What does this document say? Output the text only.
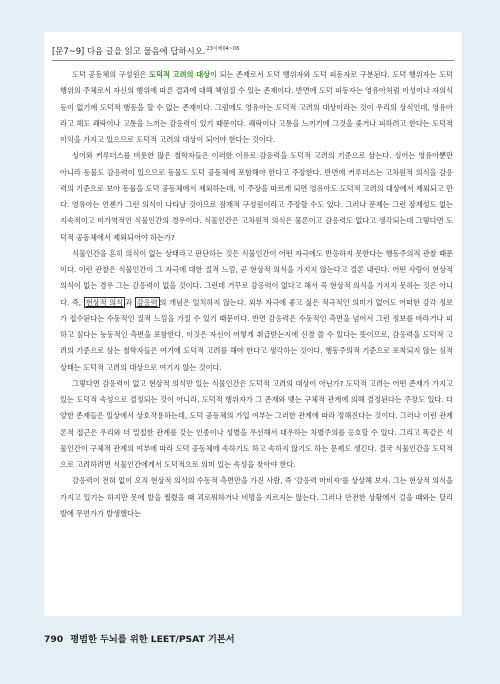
[문7~9] 다음 글을 읽고 물음에 답하시오.$^{23이해04\sim 06}$

도덕 공동체의 구성원은 도덕적 고려의 대상이 되는 존재로서 도덕 행위자와 도덕 피동자로 구분된다. 도덕 행위자는 도덕 행위의 주체로서 자신의 행위에 따른 결과에 대해 책임질 수 있는 존재이다. 반면에 도덕 피동자는 영유아처럼 이성이나 자의식 등이 없기에 도덕적 행동을 할 수 없는 존재이다. 그럼에도 영유아는 도덕적 고려의 대상이라는 것이 우리의 상식인데, 영유아라고 해도 쾌락이나 고통을 느끼는 감응력이 있기 때문이다. 쾌락이나 고통을 느끼기에 그것을 좇거나 피하려고 한다는 도덕적 이익을 가지고 있으므로 도덕적 고려의 대상이 되어야 한다는 것이다.

싱어와 커루더스를 비롯한 많은 철학자들은 이러한 이유로 감응력을 도덕적 고려의 기준으로 삼는다. 싱어는 영유아뿐만 아니라 동물도 감응력이 있으므로 동물도 도덕 공동체에 포함해야 한다고 주장한다. 반면에 커루더스는 고차원적 의식을 감응력의 기준으로 보아 동물을 도덕 공동체에서 제외하는데, 이 주장을 따르게 되면 영유아도 도덕적 고려의 대상에서 제외되고 만다. 영유아는 언젠가 그런 의식이 나타날 것이므로 잠재적 구성원이라고 주장할 수도 있다. 그러나 문제는 그런 잠재성도 없는 지속적이고 비가역적인 식물인간의 경우이다. 식물인간은 고차원적 의식은 물론이고 감응력도 없다고 생각되는데 그렇다면 도덕적 공동체에서 제외되어야 하는가?

식물인간을 흔히 의식이 없는 상태라고 판단하는 것은 식물인간이 어떤 자극에도 반응하지 못한다는 행동주의적 관찰 때문이다. 이런 관찰은 식물인간이 그 자극에 대한 질적 느낌, 곧 현상적 의식을 가지지 않는다고 결론 내린다. 어떤 사람이 현상적 의식이 없는 경우 그는 감응력이 없을 것이다. 그런데 거꾸로 감응력이 없다고 해서 꼭 현상적 의식을 가지지 못하는 것은 아니다. 즉, 현상적 의식 과 감응력 의 개념은 일치하지 않는다. 외부 자극에 좋고 싫은 적극적인 의미가 없어도 어떠한 감각 정보가 접수된다는 수동적인 질적 느낌을 가질 수 있기 때문이다. 반면 감응력은 수동적인 측면을 넘어서 그런 정보를 바라거나 피하고 싶다는 능동적인 측면을 포함한다. 이것은 자신이 어떻게 취급받는지에 신경 쓸 수 있다는 뜻이므로, 감응력을 도덕적 고려의 기준으로 삼는 철학자들은 여기에 도덕적 고려를 해야 한다고 생각하는 것이다. 행동주의적 기준으로 포착되지 않는 심적 상태는 도덕적 고려의 대상으로 여기지 않는 것이다.

그렇다면 감응력이 없고 현상적 의식만 있는 식물인간은 도덕적 고려의 대상이 아닌가? 도덕적 고려는 어떤 존재가 가지고 있는 도덕적 속성으로 결정되는 것이 아니라, 도덕적 행위자가 그 존재와 맺는 구체적 관계에 의해 결정된다는 주장도 있다. 다양한 존재들은 일상에서 상호작용하는데, 도덕 공동체의 가입 여부는 그러한 관계에 따라 정해진다는 것이다. 그러나 이런 관계론적 접근은 우리와 더 밀접한 관계를 갖는 인종이나 성별을 우선해서 대우하는 차별주의를 옹호할 수 있다. 그리고 똑같은 식물인간이 구체적 관계의 여부에 따라 도덕 공동체에 속하기도 하고 속하지 않기도 하는 문제도 생긴다. 결국 식물인간을 도덕적으로 고려하려면 식물인간에게서 도덕적으로 의미 있는 속성을 찾아야 한다.

감응력이 전혀 없이 오직 현상적 의식의 수동적 측면만을 가진 사람, 즉 '감응력 마비자'를 상상해 보자. 그는 현상적 의식을 가지고 있기는 하지만 못에 발을 찔렸을 때 괴로워하거나 비명을 지르지는 않는다. 그러나 안전한 상황에서 걸을 때와는 달리 발에 무언가가 발생했다는

790 평범한 두뇌를 위한 LEET/PSAT 기본서
